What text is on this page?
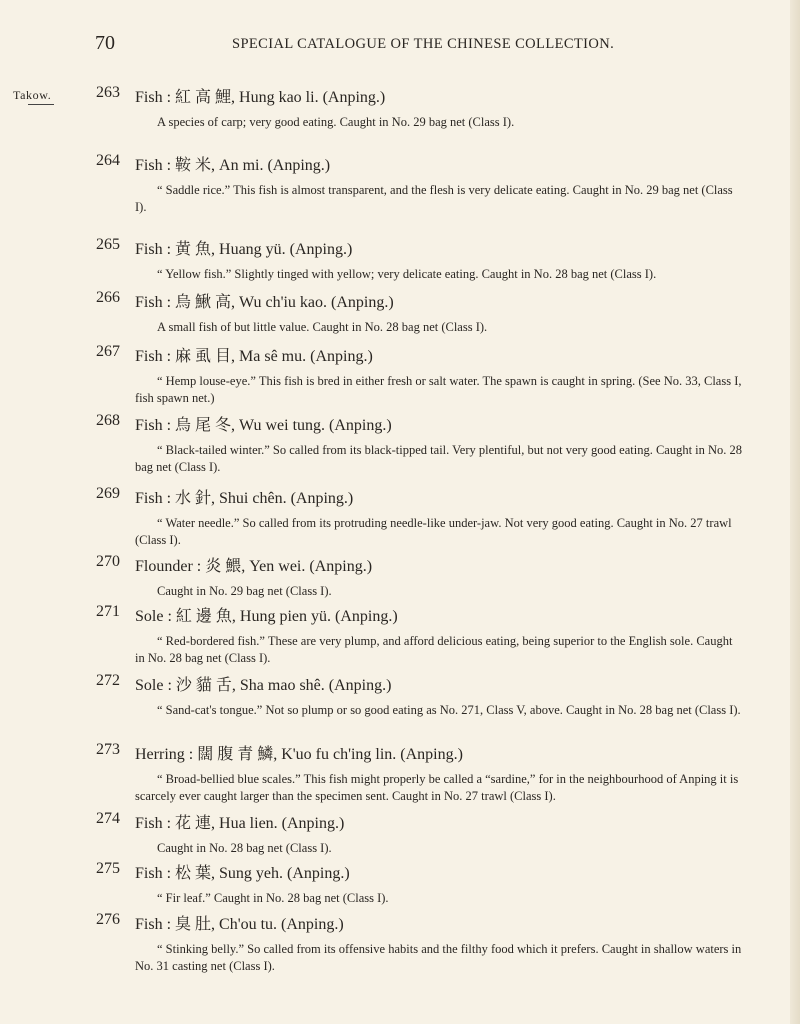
70	SPECIAL CATALOGUE OF THE CHINESE COLLECTION.
Takow.	263 Fish : 紅 高 鯉, Hung kao li. (Anping.)
A species of carp; very good eating. Caught in No. 29 bag net (Class I).
264 Fish : 鞍 米, An mi. (Anping.)
“ Saddle rice.” This fish is almost transparent, and the flesh is very delicate eating. Caught in No. 29 bag net (Class I).
265 Fish : 黄 魚, Huang yü. (Anping.)
“ Yellow fish.” Slightly tinged with yellow; very delicate eating. Caught in No. 28 bag net (Class I).
266 Fish : 烏 鰍 高, Wu ch'iu kao. (Anping.)
A small fish of but little value. Caught in No. 28 bag net (Class I).
267 Fish : 麻 虱 目, Ma sê mu. (Anping.)
“ Hemp louse-eye.” This fish is bred in either fresh or salt water. The spawn is caught in spring. (See No. 33, Class I, fish spawn net.)
268 Fish : 烏 尾 冬, Wu wei tung. (Anping.)
“ Black-tailed winter.” So called from its black-tipped tail. Very plentiful, but not very good eating. Caught in No. 28 bag net (Class I).
269 Fish : 水 針, Shui chên. (Anping.)
“ Water needle.” So called from its protruding needle-like under-jaw. Not very good eating. Caught in No. 27 trawl (Class I).
270 Flounder : 炎 鰃, Yen wei. (Anping.)
Caught in No. 29 bag net (Class I).
271 Sole : 紅 邊 魚, Hung pien yü. (Anping.)
“ Red-bordered fish.” These are very plump, and afford delicious eating, being superior to the English sole. Caught in No. 28 bag net (Class I).
272 Sole : 沙 貓 舌, Sha mao shê. (Anping.)
“ Sand-cat's tongue.” Not so plump or so good eating as No. 271, Class V, above. Caught in No. 28 bag net (Class I).
273 Herring : 闊 腹 青 鱗, K'uo fu ch'ing lin. (Anping.)
“ Broad-bellied blue scales.” This fish might properly be called a “sardine,” for in the neighbourhood of Anping it is scarcely ever caught larger than the specimen sent. Caught in No. 27 trawl (Class I).
274 Fish : 花 連, Hua lien. (Anping.)
Caught in No. 28 bag net (Class I).
275 Fish : 松 葉, Sung yeh. (Anping.)
“ Fir leaf.” Caught in No. 28 bag net (Class I).
276 Fish : 臭 肚, Ch'ou tu. (Anping.)
“ Stinking belly.” So called from its offensive habits and the filthy food which it prefers. Caught in shallow waters in No. 31 casting net (Class I).
